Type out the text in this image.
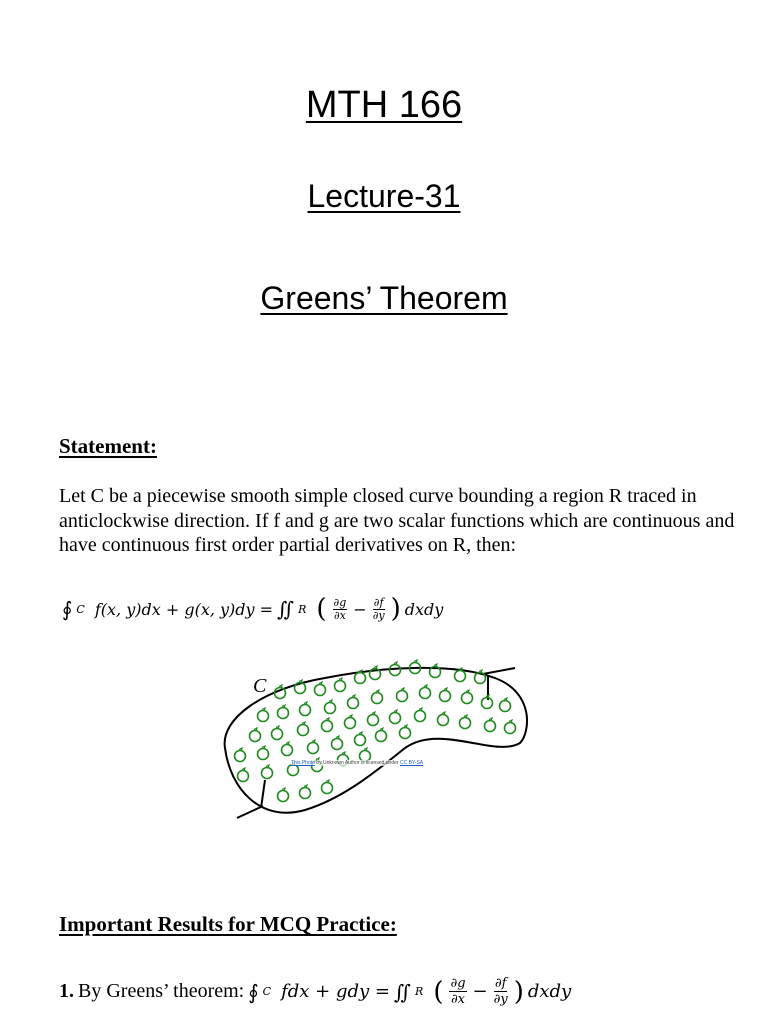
MTH 166
Lecture-31
Greens’ Theorem
Statement:
Let C be a piecewise smooth simple closed curve bounding a region R traced in anticlockwise direction. If f and g are two scalar functions which are continuous and have continuous first order partial derivatives on R, then:
∮ C f(x, y)dx + g(x, y)dy = ∬ R ( $\frac{\partial g}{\partial x} - \frac{\partial f}{\partial y}$ ) dxdy
C
This Photo by Unknown Author is licensed under CC BY-SA
Important Results for MCQ Practice:
1. By Greens’ theorem: ∮ C fdx + gdy = ∬ R ( $\frac{\partial g}{\partial x} - \frac{\partial f}{\partial y}$ ) dxdy
